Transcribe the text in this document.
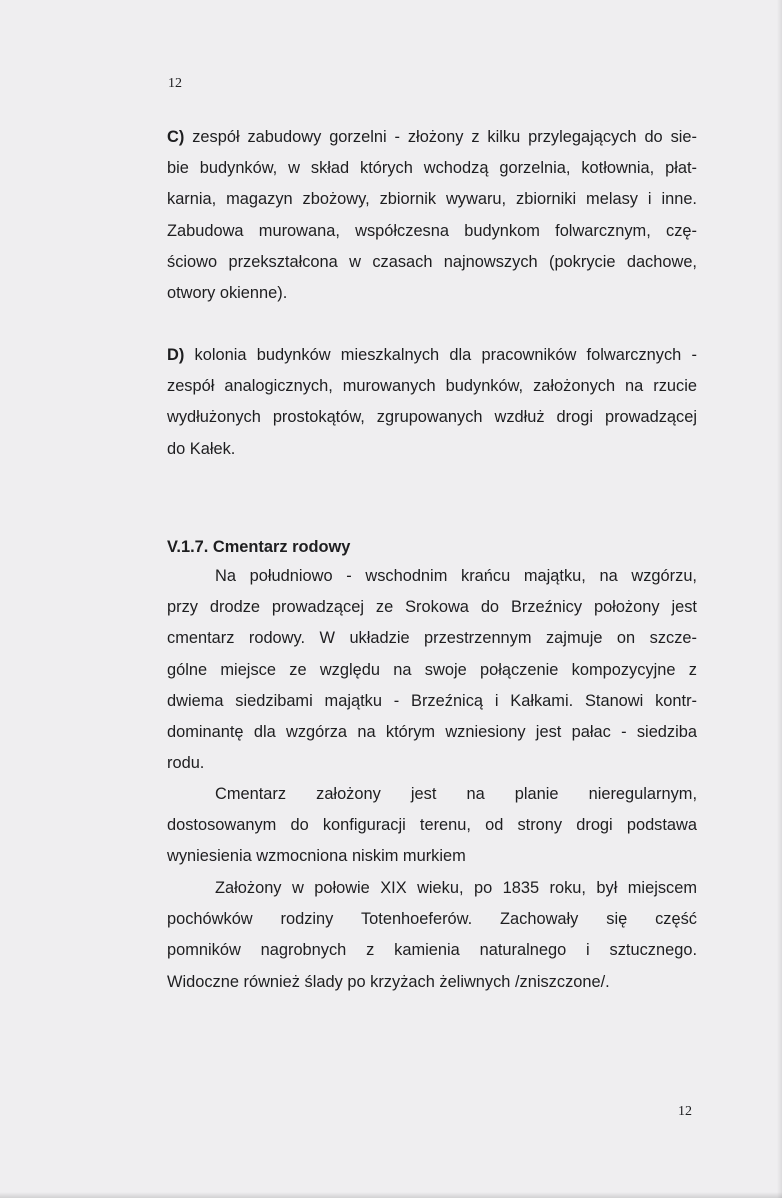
12
C) zespół zabudowy gorzelni - złożony z kilku przylegających do sie-
bie budynków, w skład których wchodzą gorzelnia, kotłownia, płat-
karnia, magazyn zbożowy, zbiornik wywaru, zbiorniki melasy i inne.
Zabudowa murowana, współczesna budynkom folwarcznym, czę-
ściowo przekształcona w czasach najnowszych (pokrycie dachowe,
otwory okienne).
D) kolonia budynków mieszkalnych dla pracowników folwarcznych -
zespół analogicznych, murowanych budynków, założonych na rzucie
wydłużonych prostokątów, zgrupowanych wzdłuż drogi prowadzącej
do Kałek.
V.1.7. Cmentarz rodowy
Na południowo - wschodnim krańcu majątku, na wzgórzu,
przy drodze prowadzącej ze Srokowa do Brzeźnicy położony jest
cmentarz rodowy. W układzie przestrzennym zajmuje on szcze-
gólne miejsce ze względu na swoje połączenie kompozycyjne z
dwiema siedzibami majątku - Brzeźnicą i Kałkami. Stanowi kontr-
dominantę dla wzgórza na którym wzniesiony jest pałac - siedziba
rodu.
Cmentarz założony jest na planie nieregularnym,
dostosowanym do konfiguracji terenu, od strony drogi podstawa
wyniesienia wzmocniona niskim murkiem
Założony w połowie XIX wieku, po 1835 roku, był miejscem
pochówków rodziny Totenhoeferów. Zachowały się część
pomników nagrobnych z kamienia naturalnego i sztucznego.
Widoczne również ślady po krzyżach żeliwnych /zniszczone/.
12
